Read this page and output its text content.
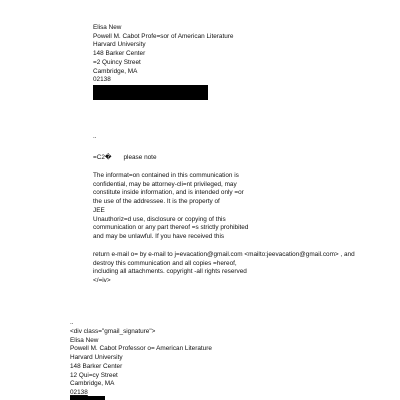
Elisa New
Powell M. Cabot Profe=sor of American Literature
Harvard University
148 Barker Center
=2 Quincy Street
Cambridge, MA
02138
..
=C2� please note
The informat=on contained in this communication is
confidential, may be attorney-cli=nt privileged, may
constitute inside information, and is intended only =or
the use of the addressee. It is the property of
JEE
Unauthoriz=d use, disclosure or copying of this
communication or any part thereof =s strictly prohibited
and may be unlawful. If you have received this
return e-mail o= by e-mail to j=evacation@gmail.com <mailto:jeevacation@gmail.com> , and
destroy this communication and all copies =hereof,
including all attachments. copyright -all rights reserved
</=iv>
..
<div class="gmail_signature">
Elisa New
Powell M. Cabot Professor o= American Literature
Harvard University
148 Barker Center
12 Qui=cy Street
Cambridge, MA
02138
